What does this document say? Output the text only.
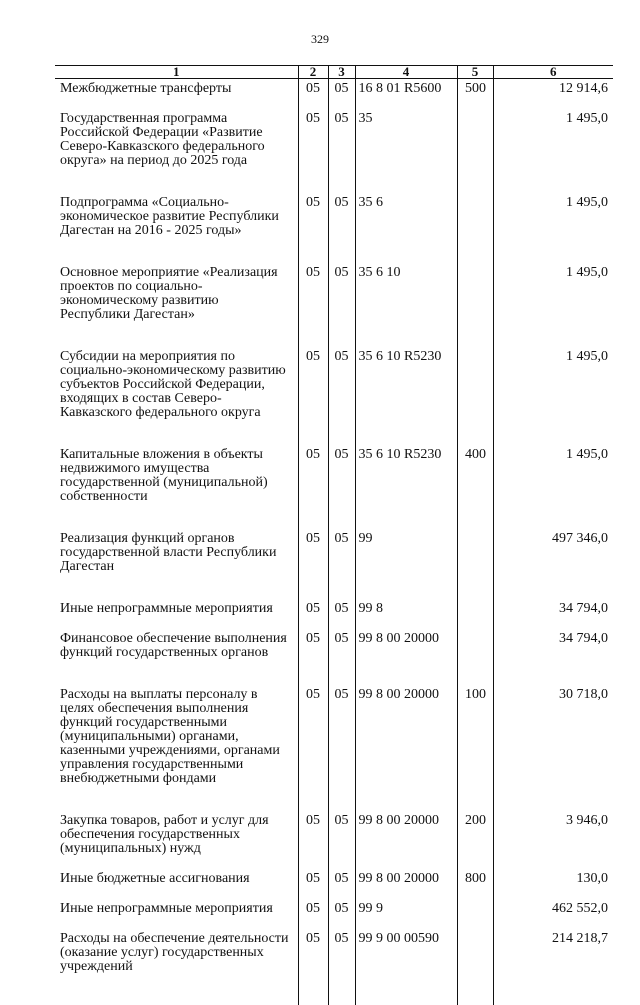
329
1	2	3	4	5	6
Межбюджетные трансферты	05	05	16 8 01 R5600	500	12 914,6

Государственная программа Российской Федерации «Развитие Северо-Кавказского федерального округа» на период до 2025 года	05	05	35		1 495,0

Подпрограмма «Социально-экономическое развитие Республики Дагестан на 2016 - 2025 годы»	05	05	35 6		1 495,0

Основное мероприятие «Реализация проектов по социально-экономическому развитию Республики Дагестан»	05	05	35 6 10		1 495,0

Субсидии на мероприятия по социально-экономическому развитию субъектов Российской Федерации, входящих в состав Северо-Кавказского федерального округа	05	05	35 6 10 R5230		1 495,0

Капитальные вложения в объекты недвижимого имущества государственной (муниципальной) собственности	05	05	35 6 10 R5230	400	1 495,0

Реализация функций органов государственной власти Республики Дагестан	05	05	99		497 346,0

Иные непрограммные мероприятия	05	05	99 8		34 794,0

Финансовое обеспечение выполнения функций государственных органов	05	05	99 8 00 20000		34 794,0

Расходы на выплаты персоналу в целях обеспечения выполнения функций государственными (муниципальными) органами, казенными учреждениями, органами управления государственными внебюджетными фондами	05	05	99 8 00 20000	100	30 718,0

Закупка товаров, работ и услуг для обеспечения государственных (муниципальных) нужд	05	05	99 8 00 20000	200	3 946,0

Иные бюджетные ассигнования	05	05	99 8 00 20000	800	130,0

Иные непрограммные мероприятия	05	05	99 9		462 552,0

Расходы на обеспечение деятельности (оказание услуг) государственных учреждений	05	05	99 9 00 00590		214 218,7
